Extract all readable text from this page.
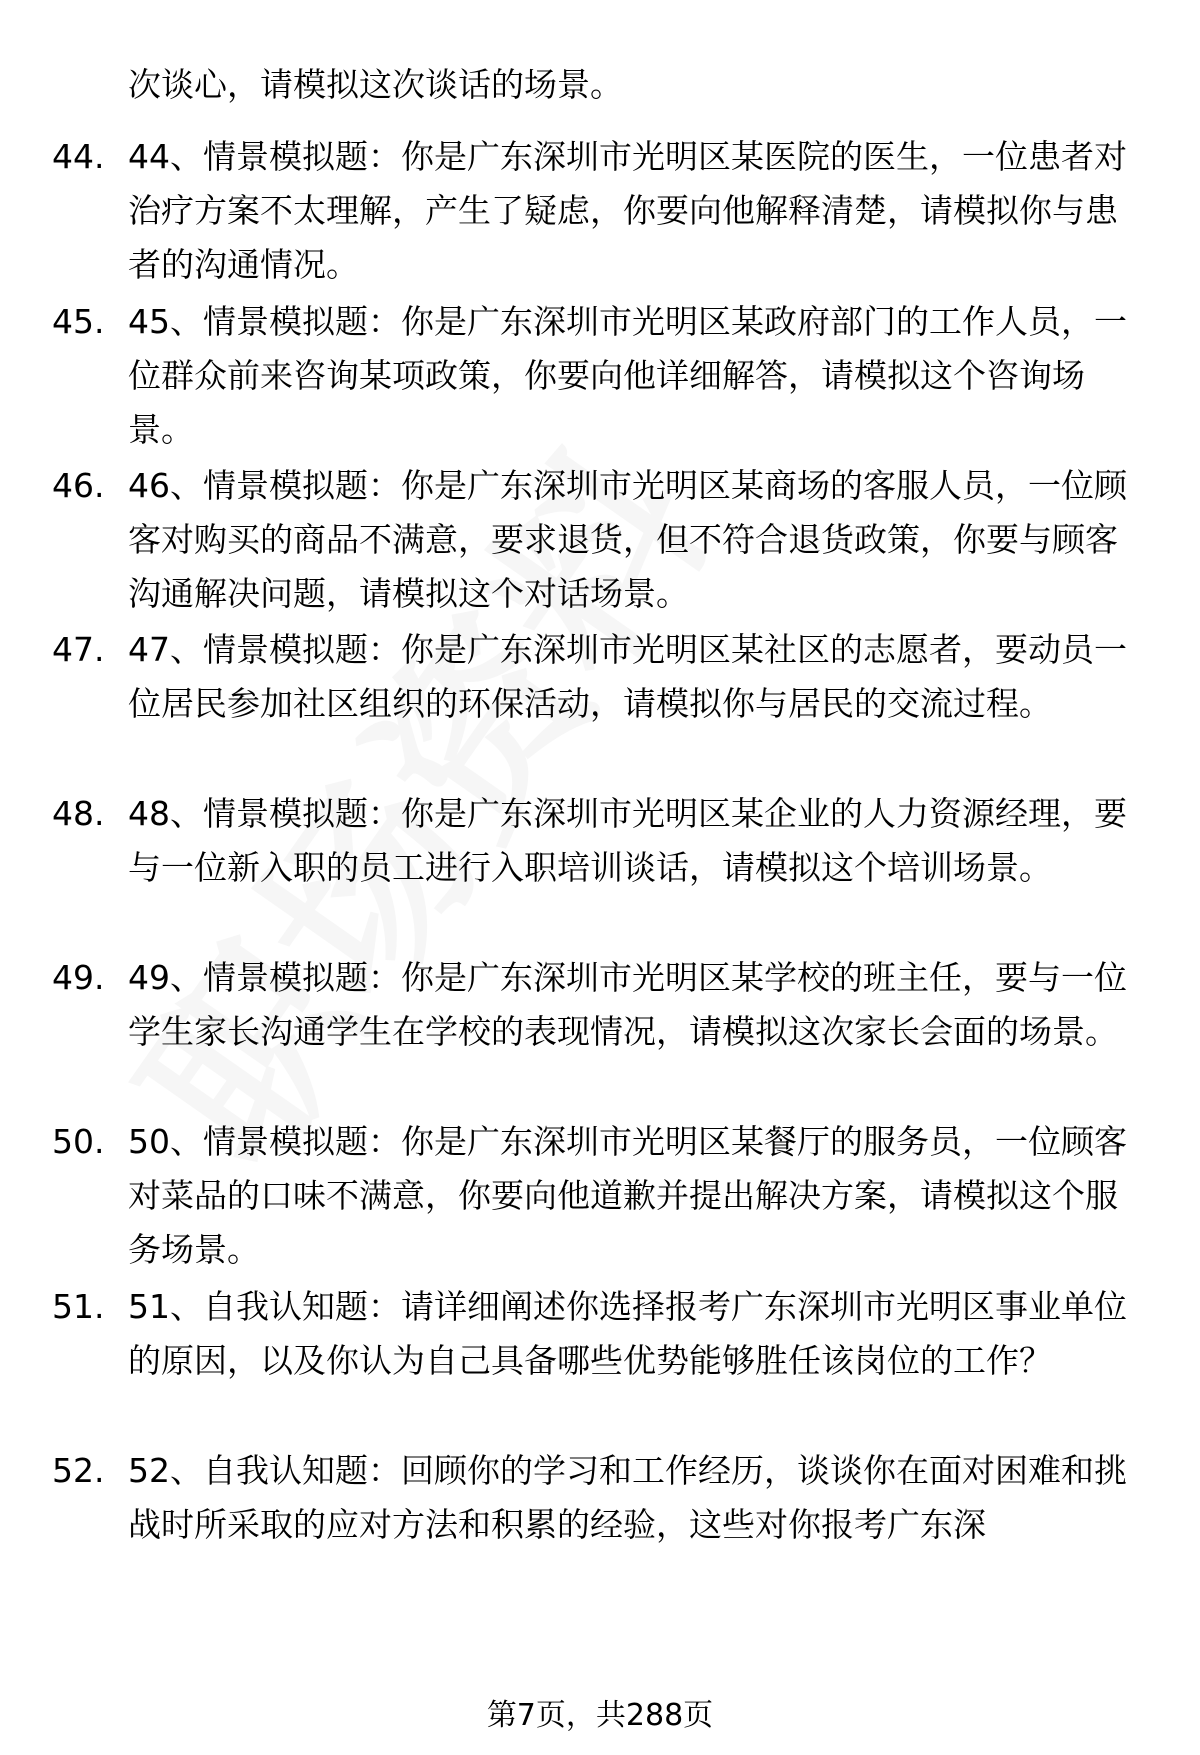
次谈心，请模拟这次谈话的场景。

44. 44、情景模拟题：你是广东深圳市光明区某医院的医生，一位患者对治疗方案不太理解，产生了疑虑，你要向他解释清楚，请模拟你与患者的沟通情况。

45. 45、情景模拟题：你是广东深圳市光明区某政府部门的工作人员，一位群众前来咨询某项政策，你要向他详细解答，请模拟这个咨询场景。

46. 46、情景模拟题：你是广东深圳市光明区某商场的客服人员，一位顾客对购买的商品不满意，要求退货，但不符合退货政策，你要与顾客沟通解决问题，请模拟这个对话场景。

47. 47、情景模拟题：你是广东深圳市光明区某社区的志愿者，要动员一位居民参加社区组织的环保活动，请模拟你与居民的交流过程。

48. 48、情景模拟题：你是广东深圳市光明区某企业的人力资源经理，要与一位新入职的员工进行入职培训谈话，请模拟这个培训场景。

49. 49、情景模拟题：你是广东深圳市光明区某学校的班主任，要与一位学生家长沟通学生在学校的表现情况，请模拟这次家长会面的场景。

50. 50、情景模拟题：你是广东深圳市光明区某餐厅的服务员，一位顾客对菜品的口味不满意，你要向他道歉并提出解决方案，请模拟这个服务场景。

51. 51、自我认知题：请详细阐述你选择报考广东深圳市光明区事业单位的原因，以及你认为自己具备哪些优势能够胜任该岗位的工作？

52. 52、自我认知题：回顾你的学习和工作经历，谈谈你在面对困难和挑战时所采取的应对方法和积累的经验，这些对你报考广东深

第7页，共288页
